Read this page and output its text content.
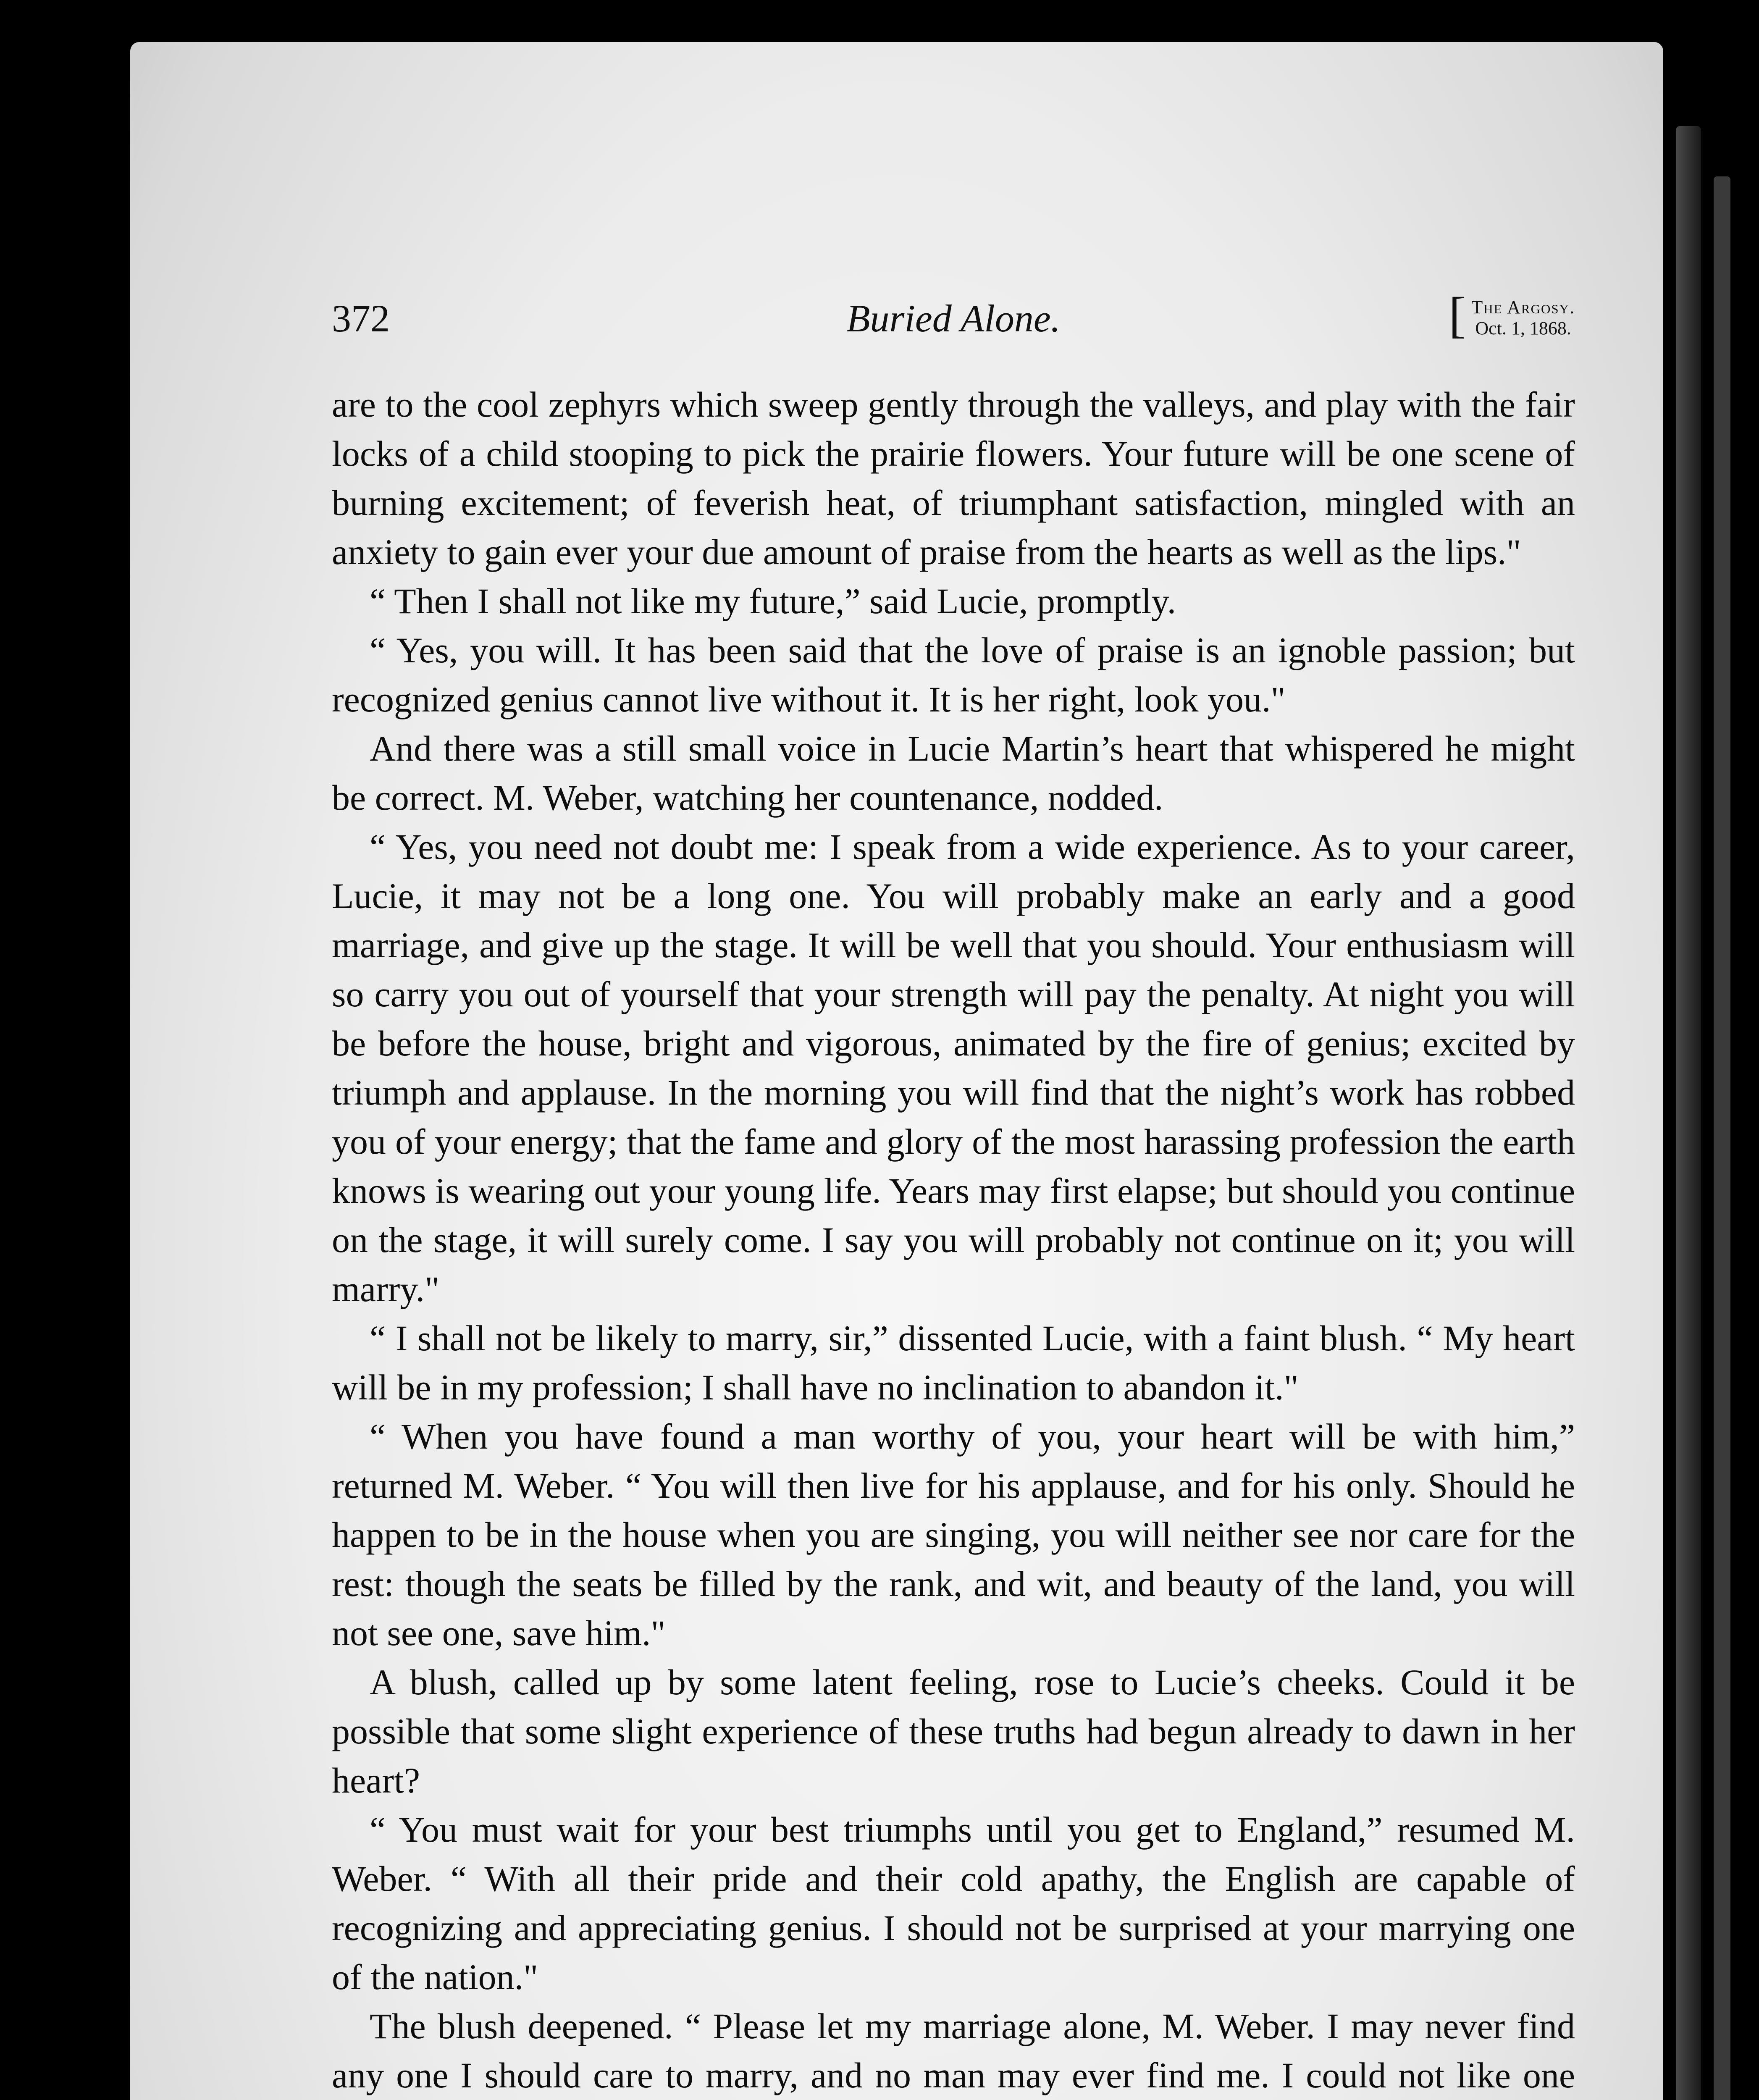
372	Buried Alone.	[ The Argosy.
Oct. 1, 1868.

are to the cool zephyrs which sweep gently through the valleys, and play with the fair locks of a child stooping to pick the prairie flowers. Your future will be one scene of burning excitement; of feverish heat, of triumphant satisfaction, mingled with an anxiety to gain ever your due amount of praise from the hearts as well as the lips."

“ Then I shall not like my future,” said Lucie, promptly.

“ Yes, you will. It has been said that the love of praise is an ignoble passion; but recognized genius cannot live without it. It is her right, look you."

And there was a still small voice in Lucie Martin’s heart that whispered he might be correct. M. Weber, watching her countenance, nodded.

“ Yes, you need not doubt me: I speak from a wide experience. As to your career, Lucie, it may not be a long one. You will probably make an early and a good marriage, and give up the stage. It will be well that you should. Your enthusiasm will so carry you out of yourself that your strength will pay the penalty. At night you will be before the house, bright and vigorous, animated by the fire of genius; excited by triumph and applause. In the morning you will find that the night’s work has robbed you of your energy; that the fame and glory of the most harassing profession the earth knows is wearing out your young life. Years may first elapse; but should you continue on the stage, it will surely come. I say you will probably not continue on it; you will marry."

“ I shall not be likely to marry, sir,” dissented Lucie, with a faint blush. “ My heart will be in my profession; I shall have no inclination to abandon it."

“ When you have found a man worthy of you, your heart will be with him,” returned M. Weber. “ You will then live for his applause, and for his only. Should he happen to be in the house when you are singing, you will neither see nor care for the rest: though the seats be filled by the rank, and wit, and beauty of the land, you will not see one, save him."

A blush, called up by some latent feeling, rose to Lucie’s cheeks. Could it be possible that some slight experience of these truths had begun already to dawn in her heart?

“ You must wait for your best triumphs until you get to England,” resumed M. Weber. “ With all their pride and their cold apathy, the English are capable of recognizing and appreciating genius. I should not be surprised at your marrying one of the nation."

The blush deepened. “ Please let my marriage alone, M. Weber. I may never find any one I should care to marry, and no man may ever find me. I could not like one
